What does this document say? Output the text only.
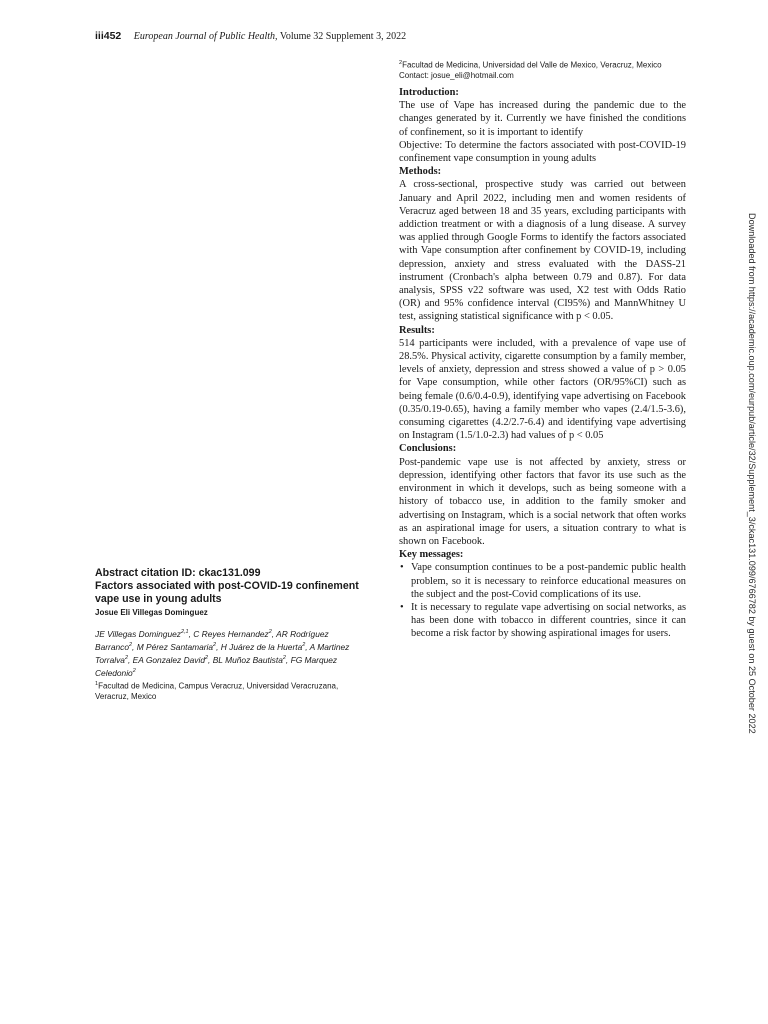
iii452 European Journal of Public Health, Volume 32 Supplement 3, 2022
$^2$Facultad de Medicina, Universidad del Valle de Mexico, Veracruz, Mexico
Contact: josue_eli@hotmail.com

Introduction:

The use of Vape has increased during the pandemic due to the changes generated by it. Currently we have finished the conditions of confinement, so it is important to identify

Objective: To determine the factors associated with post-COVID-19 confinement vape consumption in young adults

Methods:

A cross-sectional, prospective study was carried out between January and April 2022, including men and women residents of Veracruz aged between 18 and 35 years, excluding participants with addiction treatment or with a diagnosis of a lung disease. A survey was applied through Google Forms to identify the factors associated with Vape consumption after confinement by COVID-19, including depression, anxiety and stress evaluated with the DASS-21 instrument (Cronbach's alpha between 0.79 and 0.87). For data analysis, SPSS v22 software was used, X2 test with Odds Ratio (OR) and 95% confidence interval (CI95%) and MannWhitney U test, assigning statistical significance with p < 0.05.

Results:

514 participants were included, with a prevalence of vape use of 28.5%. Physical activity, cigarette consumption by a family member, levels of anxiety, depression and stress showed a value of p > 0.05 for Vape consumption, while other factors (OR/95%CI) such as being female (0.6/0.4-0.9), identifying vape advertising on Facebook (0.35/0.19-0.65), having a family member who vapes (2.4/1.5-3.6), consuming cigarettes (4.2/2.7-6.4) and identifying vape advertising on Instagram (1.5/1.0-2.3) had values of p < 0.05

Conclusions:

Post-pandemic vape use is not affected by anxiety, stress or depression, identifying other factors that favor its use such as the environment in which it develops, such as being someone with a history of tobacco use, in addition to the family smoker and advertising on Instagram, which is a social network that often works as an aspirational image for users, a situation contrary to what is shown on Facebook.

Key messages:

• Vape consumption continues to be a post-pandemic public health problem, so it is necessary to reinforce educational measures on the subject and the post-Covid complications of its use.
• It is necessary to regulate vape advertising on social networks, as has been done with tobacco in different countries, since it can become a risk factor by showing aspirational images for users.

Abstract citation ID: ckac131.099

Factors associated with post-COVID-19 confinement vape use in young adults

Josue Eli Villegas Dominguez

JE Villegas Dominguez$^{2,1}$, C Reyes Hernandez$^2$, AR Rodríguez Barranco$^2$, M Pérez Santamaria$^2$, H Juárez de la Huerta$^2$, A Martinez Torralva$^2$, EA Gonzalez David$^2$, BL Muñoz Bautista$^2$, FG Marquez Celedonio$^2$

$^1$Facultad de Medicina, Campus Veracruz, Universidad Veracruzana, Veracruz, Mexico	Downloaded from https://academic.oup.com/eurpub/article/32/Supplement_3/ckac131.099/6766782 by guest on 25 October 2022
